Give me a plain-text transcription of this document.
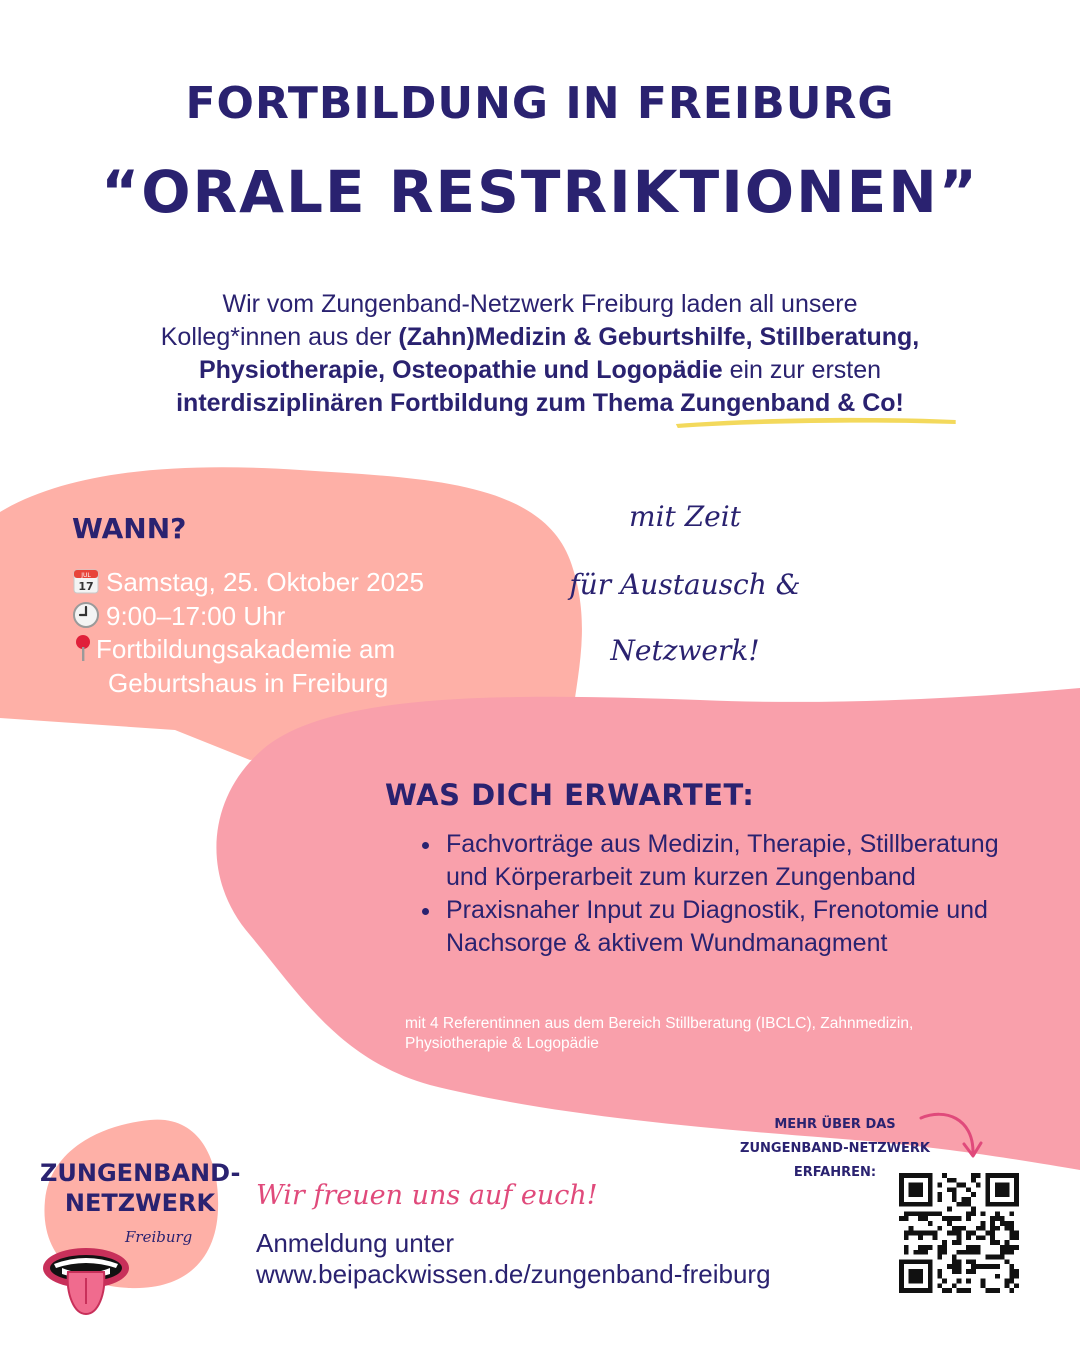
FORTBILDUNG IN FREIBURG
“ORALE RESTRIKTIONEN”
Wir vom Zungenband-Netzwerk Freiburg laden all unsere
Kolleg*innen aus der (Zahn)Medizin & Geburtshilfe, Stillberatung,
Physiotherapie, Osteopathie und Logopädie ein zur ersten
interdisziplinären Fortbildung zum Thema Zungenband & Co!
WANN?
JUL
17 Samstag, 25. Oktober 2025
9:00–17:00 Uhr
Fortbildungsakademie am
Geburtshaus in Freiburg
mit Zeit
für Austausch &
Netzwerk!
WAS DICH ERWARTET:
Fachvorträge aus Medizin, Therapie, Stillberatung und Körperarbeit zum kurzen Zungenband
Praxisnaher Input zu Diagnostik, Frenotomie und Nachsorge & aktivem Wundmanagment
mit 4 Referentinnen aus dem Bereich Stillberatung (IBCLC), Zahnmedizin, Physiotherapie & Logopädie
ZUNGENBAND-
NETZWERK
Freiburg
Wir freuen uns auf euch!
Anmeldung unter
www.beipackwissen.de/zungenband-freiburg
MEHR ÜBER DAS
ZUNGENBAND-NETZWERK
ERFAHREN:
